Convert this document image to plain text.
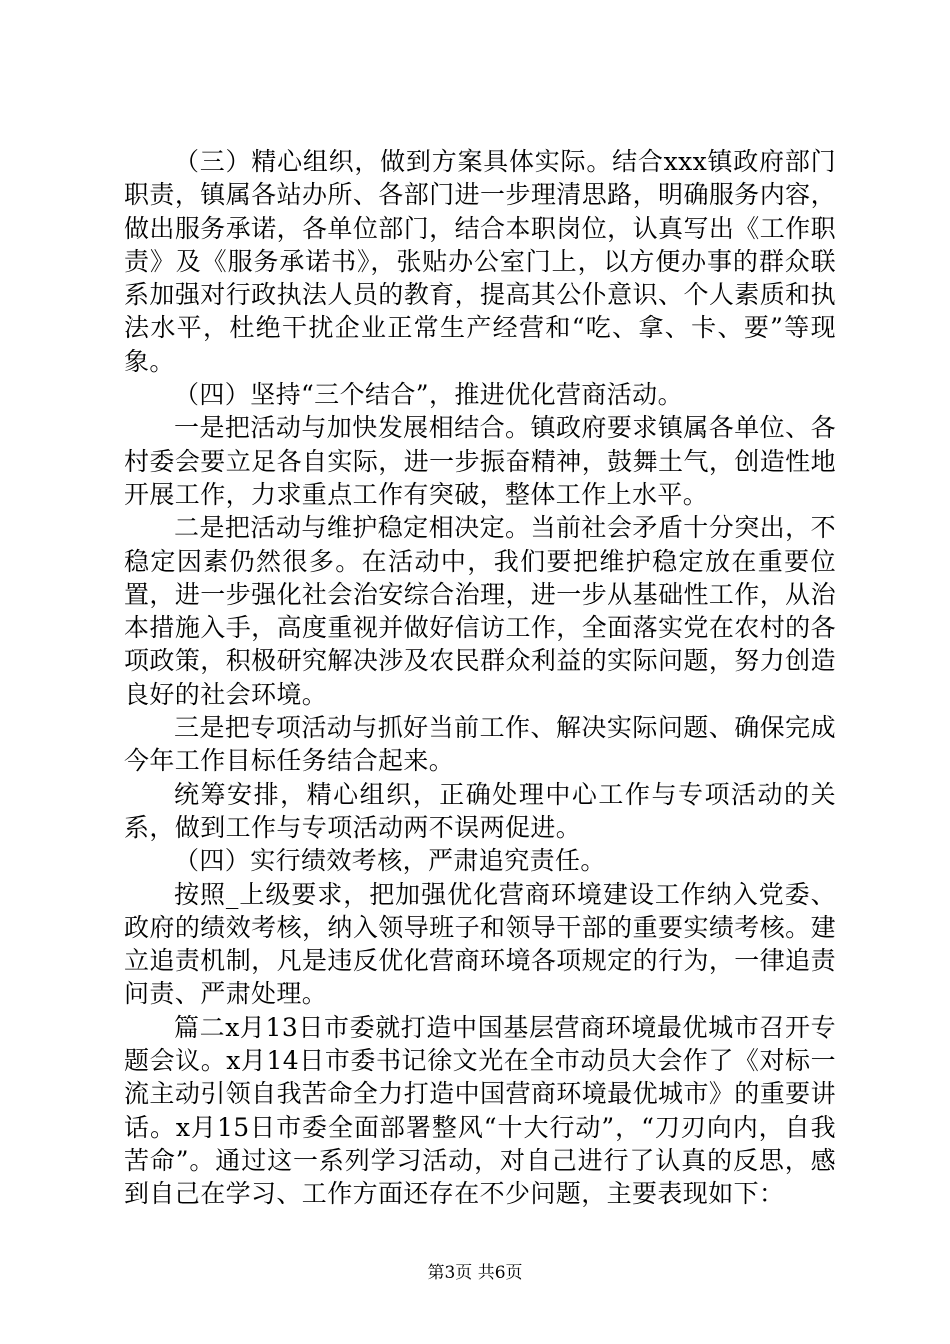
（三）精心组织，做到方案具体实际。结合xxx镇政府部门职责，镇属各站办所、各部门进一步理清思路，明确服务内容，做出服务承诺，各单位部门，结合本职岗位，认真写出《工作职责》及《服务承诺书》，张贴办公室门上，以方便办事的群众联系加强对行政执法人员的教育，提高其公仆意识、个人素质和执法水平，杜绝干扰企业正常生产经营和“吃、拿、卡、要”等现象。

（四）坚持“三个结合”，推进优化营商活动。

一是把活动与加快发展相结合。镇政府要求镇属各单位、各村委会要立足各自实际，进一步振奋精神，鼓舞土气，创造性地开展工作，力求重点工作有突破，整体工作上水平。

二是把活动与维护稳定相决定。当前社会矛盾十分突出，不稳定因素仍然很多。在活动中，我们要把维护稳定放在重要位置，进一步强化社会治安综合治理，进一步从基础性工作，从治本措施入手，高度重视并做好信访工作，全面落实党在农村的各项政策，积极研究解决涉及农民群众利益的实际问题，努力创造良好的社会环境。

三是把专项活动与抓好当前工作、解决实际问题、确保完成今年工作目标任务结合起来。

统筹安排，精心组织，正确处理中心工作与专项活动的关系，做到工作与专项活动两不误两促进。

（四）实行绩效考核，严肃追究责任。

按照_上级要求，把加强优化营商环境建设工作纳入党委、政府的绩效考核，纳入领导班子和领导干部的重要实绩考核。建立追责机制，凡是违反优化营商环境各项规定的行为，一律追责问责、严肃处理。

篇二x月13日市委就打造中国基层营商环境最优城市召开专题会议。x月14日市委书记徐文光在全市动员大会作了《对标一流主动引领自我苦命全力打造中国营商环境最优城市》的重要讲话。x月15日市委全面部署整风“十大行动”，“刀刃向内，自我苦命”。通过这一系列学习活动，对自己进行了认真的反思，感到自己在学习、工作方面还存在不少问题，主要表现如下：

第3页 共6页
